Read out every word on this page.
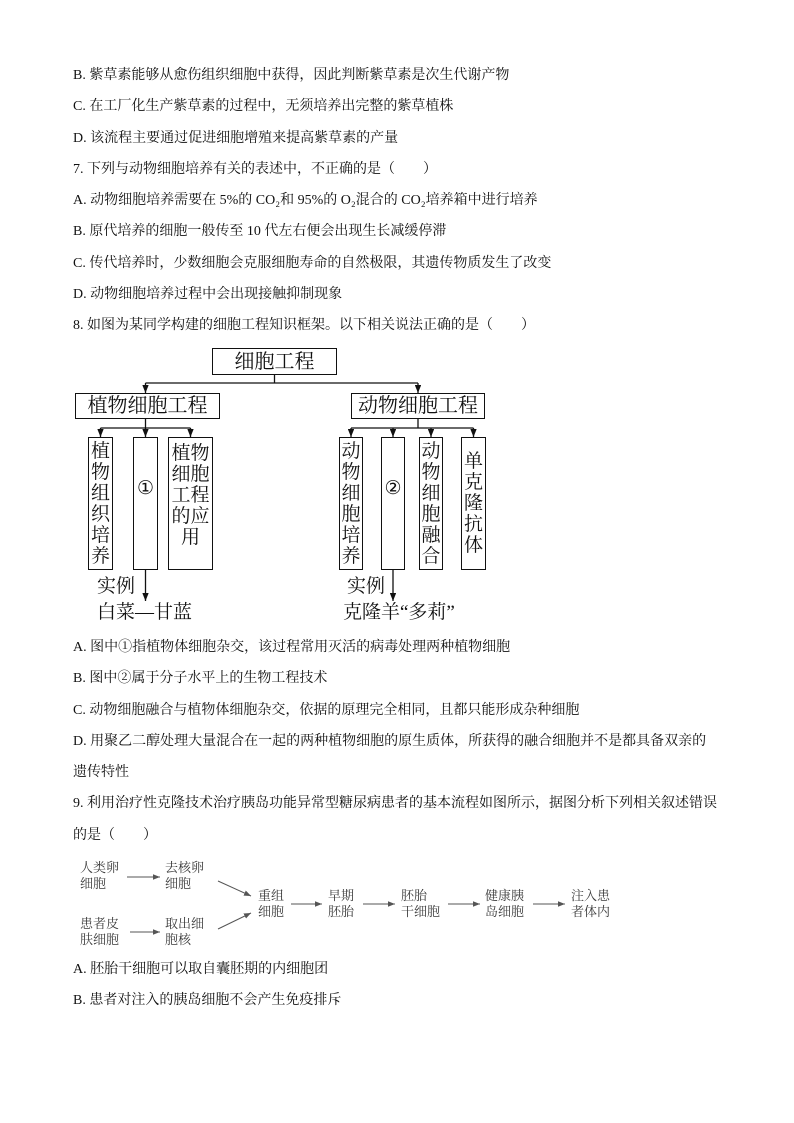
B. 紫草素能够从愈伤组织细胞中获得，因此判断紫草素是次生代谢产物
C. 在工厂化生产紫草素的过程中，无须培养出完整的紫草植株
D. 该流程主要通过促进细胞增殖来提高紫草素的产量
7. 下列与动物细胞培养有关的表述中，不正确的是（　　）
A. 动物细胞培养需要在 5%的 CO₂和 95%的 O₂混合的 CO₂培养箱中进行培养
B. 原代培养的细胞一般传至 10 代左右便会出现生长减缓停滞
C. 传代培养时，少数细胞会克服细胞寿命的自然极限，其遗传物质发生了改变
D. 动物细胞培养过程中会出现接触抑制现象
8. 如图为某同学构建的细胞工程知识框架。以下相关说法正确的是（　　）
细胞工程
植物细胞工程	动物细胞工程
植物组织培养
①
植物细胞工程的应用
动物细胞培养
②
动物细胞融合
单克隆抗体
实例
白菜—甘蓝
实例
克隆羊“多莉”
A. 图中①指植物体细胞杂交，该过程常用灭活的病毒处理两种植物细胞
B. 图中②属于分子水平上的生物工程技术
C. 动物细胞融合与植物体细胞杂交，依据的原理完全相同，且都只能形成杂种细胞
D. 用聚乙二醇处理大量混合在一起的两种植物细胞的原生质体，所获得的融合细胞并不是都具备双亲的
遗传特性
9. 利用治疗性克隆技术治疗胰岛功能异常型糖尿病患者的基本流程如图所示，据图分析下列相关叙述错误
的是（　　）
人类卵
细胞
去核卵
细胞
患者皮
肤细胞
取出细
胞核
重组
细胞
早期
胚胎
胚胎
干细胞
健康胰
岛细胞
注入患
者体内
A. 胚胎干细胞可以取自囊胚期的内细胞团
B. 患者对注入的胰岛细胞不会产生免疫排斥
